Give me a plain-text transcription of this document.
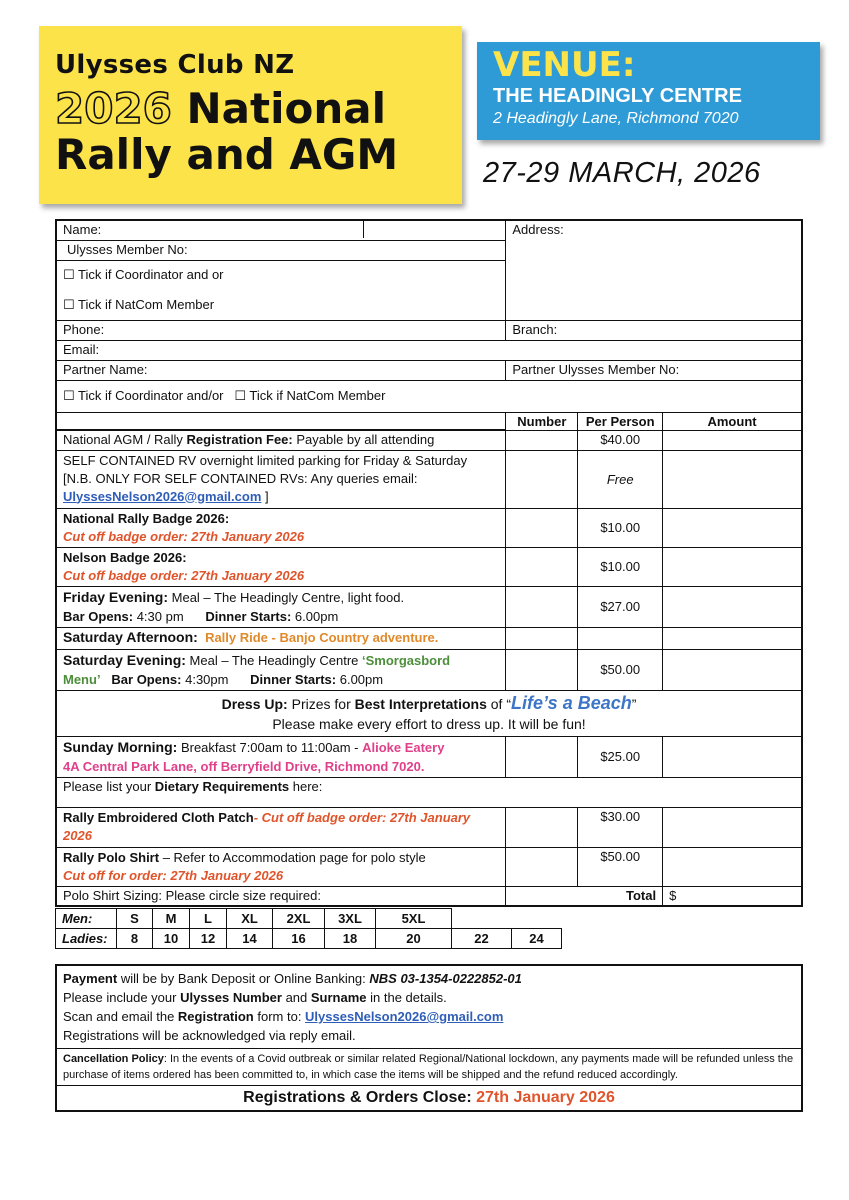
Ulysses Club NZ
2026 National
Rally and AGM
VENUE:
THE HEADINGLY CENTRE
2 Headingly Lane, Richmond 7020
27-29 MARCH, 2026
Name:	Address:		
Ulysses Member No:			
☐ Tick if Coordinator and or			
☐ Tick if NatCom Member			
Phone:	Branch:		
Email:			
Partner Name:	Partner Ulysses Member No:		
☐ Tick if Coordinator and/or ☐ Tick if NatCom Member			
	Number	Per Person	Amount
National AGM / Rally Registration Fee: Payable by all attending		$40.00	
SELF CONTAINED RV overnight limited parking for Friday & Saturday
[N.B. ONLY FOR SELF CONTAINED RVs: Any queries email:
UlyssesNelson2026@gmail.com ]		Free	
National Rally Badge 2026:
Cut off badge order: 27th January 2026		$10.00	
Nelson Badge 2026:
Cut off badge order: 27th January 2026		$10.00	
Friday Evening: Meal – The Headingly Centre, light food.
Bar Opens: 4:30 pm Dinner Starts: 6.00pm		$27.00	
Saturday Afternoon: Rally Ride - Banjo Country adventure.			
Saturday Evening: Meal – The Headingly Centre ‘Smorgasbord
Menu’ Bar Opens: 4:30pm Dinner Starts: 6.00pm		$50.00	
Dress Up: Prizes for Best Interpretations of “Life’s a Beach”
Please make every effort to dress up. It will be fun!			
Sunday Morning: Breakfast 7:00am to 11:00am - Alioke Eatery
4A Central Park Lane, off Berryfield Drive, Richmond 7020.		$25.00	
Please list your Dietary Requirements here:			
Rally Embroidered Cloth Patch- Cut off badge order: 27th January 2026		$30.00	
Rally Polo Shirt – Refer to Accommodation page for polo style
Cut off for order: 27th January 2026		$50.00	
Polo Shirt Sizing: Please circle size required:	Total		$
Men:	S	M	L	XL	2XL	3XL	5XL		
Ladies:	8	10	12	14	16	18	20	22	24
Payment will be by Bank Deposit or Online Banking: NBS 03-1354-0222852-01
Please include your Ulysses Number and Surname in the details.
Scan and email the Registration form to: UlyssesNelson2026@gmail.com
Registrations will be acknowledged via reply email.
Cancellation Policy: In the events of a Covid outbreak or similar related Regional/National lockdown, any payments made will be refunded unless the purchase of items ordered has been committed to, in which case the items will be shipped and the refund reduced accordingly.
Registrations & Orders Close: 27th January 2026
